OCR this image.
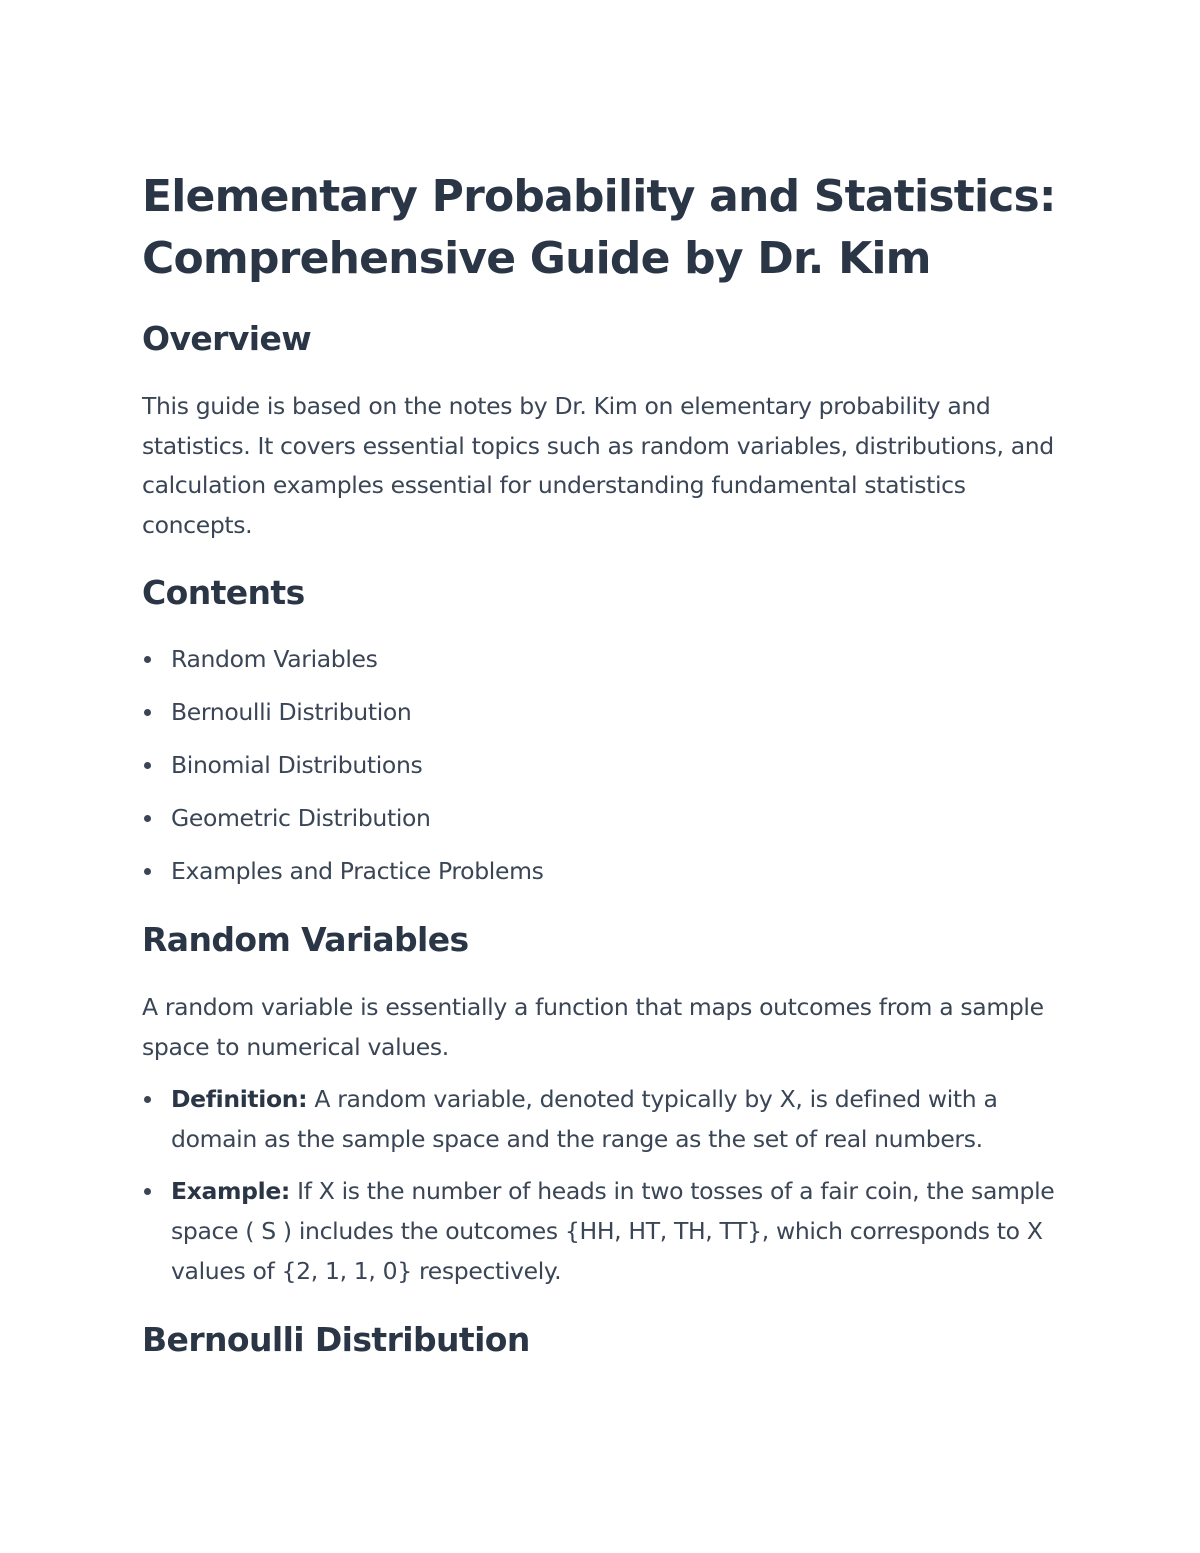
Elementary Probability and Statistics: Comprehensive Guide by Dr. Kim
Overview

This guide is based on the notes by Dr. Kim on elementary probability and statistics. It covers essential topics such as random variables, distributions, and calculation examples essential for understanding fundamental statistics concepts.

Contents
Random Variables
Bernoulli Distribution
Binomial Distributions
Geometric Distribution
Examples and Practice Problems
Random Variables

A random variable is essentially a function that maps outcomes from a sample space to numerical values.

Definition: A random variable, denoted typically by X, is defined with a domain as the sample space and the range as the set of real numbers.
Example: If X is the number of heads in two tosses of a fair coin, the sample space ( S ) includes the outcomes {HH, HT, TH, TT}, which corresponds to X values of {2, 1, 1, 0} respectively.
Bernoulli Distribution
